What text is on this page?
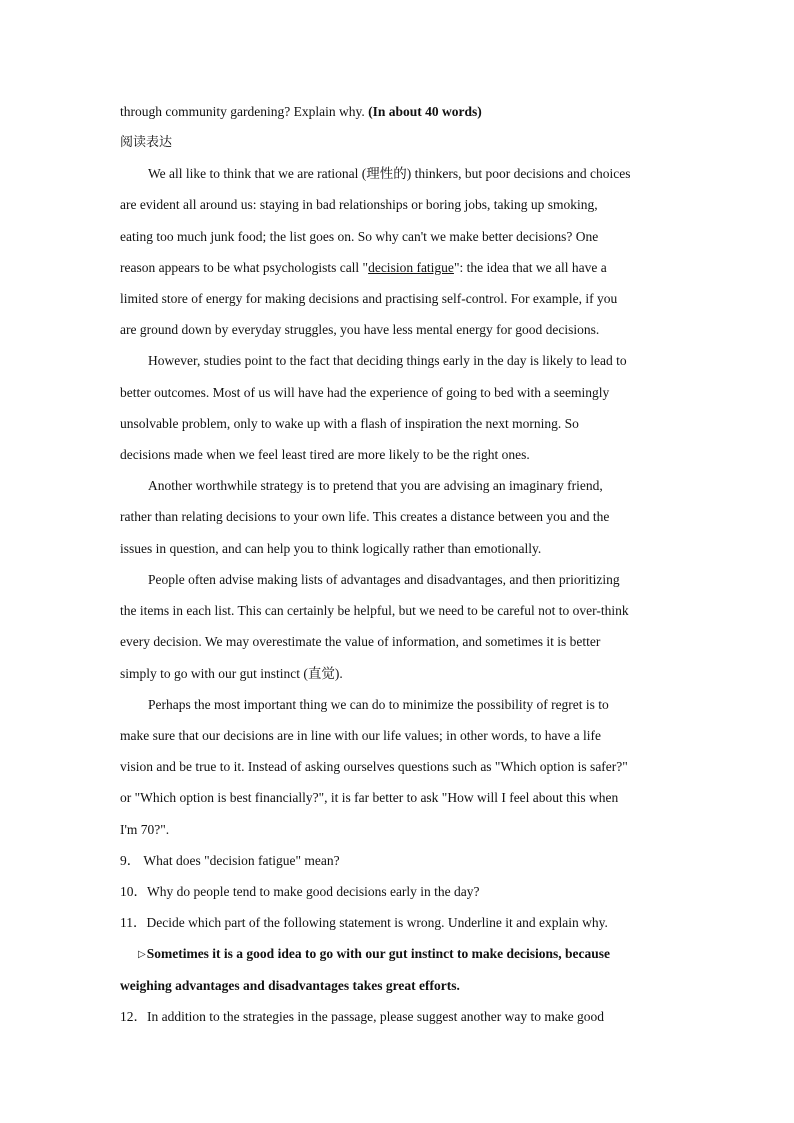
through community gardening? Explain why. (In about 40 words)
阅读表达
We all like to think that we are rational (理性的) thinkers, but poor decisions and choices
are evident all around us: staying in bad relationships or boring jobs, taking up smoking,
eating too much junk food; the list goes on. So why can't we make better decisions? One
reason appears to be what psychologists call "decision fatigue": the idea that we all have a
limited store of energy for making decisions and practising self-control. For example, if you
are ground down by everyday struggles, you have less mental energy for good decisions.
However, studies point to the fact that deciding things early in the day is likely to lead to
better outcomes. Most of us will have had the experience of going to bed with a seemingly
unsolvable problem, only to wake up with a flash of inspiration the next morning. So
decisions made when we feel least tired are more likely to be the right ones.
Another worthwhile strategy is to pretend that you are advising an imaginary friend,
rather than relating decisions to your own life. This creates a distance between you and the
issues in question, and can help you to think logically rather than emotionally.
People often advise making lists of advantages and disadvantages, and then prioritizing
the items in each list. This can certainly be helpful, but we need to be careful not to over-think
every decision. We may overestimate the value of information, and sometimes it is better
simply to go with our gut instinct (直觉).
Perhaps the most important thing we can do to minimize the possibility of regret is to
make sure that our decisions are in line with our life values; in other words, to have a life
vision and be true to it. Instead of asking ourselves questions such as "Which option is safer?"
or "Which option is best financially?", it is far better to ask "How will I feel about this when
I'm 70?".
9． What does "decision fatigue" mean?
10．Why do people tend to make good decisions early in the day?
11．Decide which part of the following statement is wrong. Underline it and explain why.
▷Sometimes it is a good idea to go with our gut instinct to make decisions, because
weighing advantages and disadvantages takes great efforts.
12．In addition to the strategies in the passage, please suggest another way to make good
